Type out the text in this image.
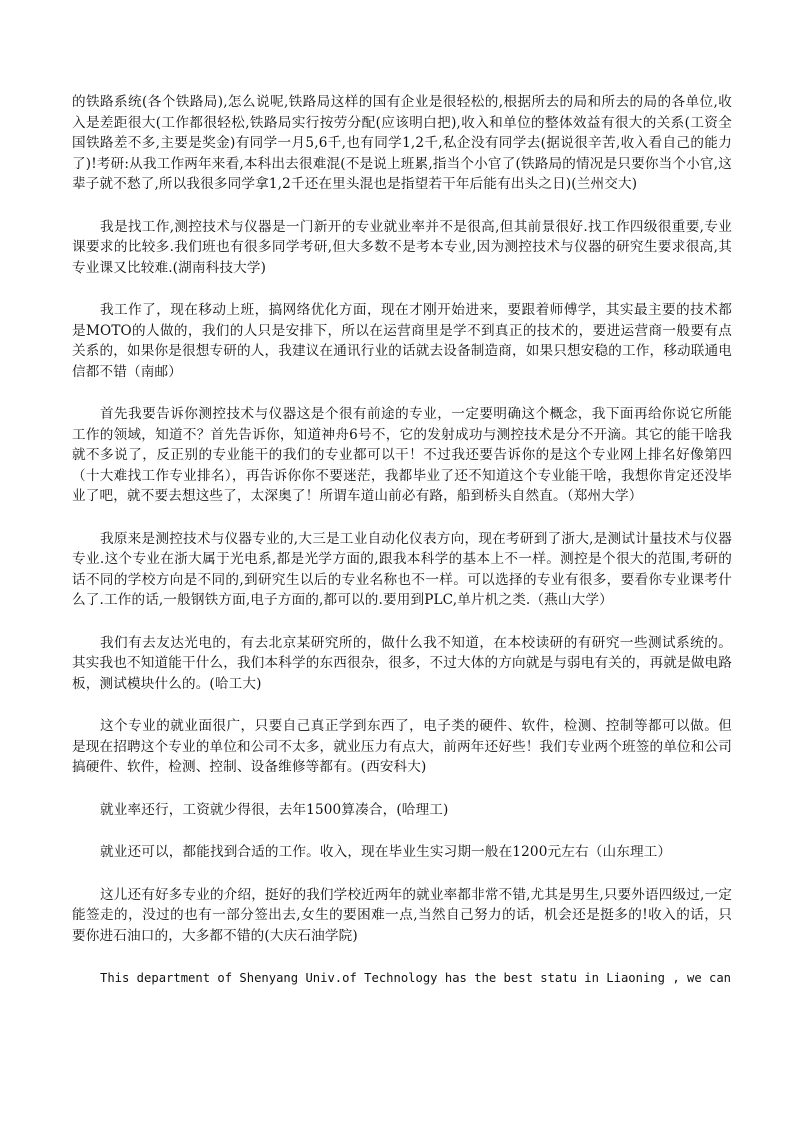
的铁路系统(各个铁路局),怎么说呢,铁路局这样的国有企业是很轻松的,根据所去的局和所去的局的各单位,收入是差距很大(工作都很轻松,铁路局实行按劳分配(应该明白把),收入和单位的整体效益有很大的关系(工资全国铁路差不多,主要是奖金)有同学一月5,6千,也有同学1,2千,私企没有同学去(据说很辛苦,收入看自己的能力了)!考研:从我工作两年来看,本科出去很难混(不是说上班累,指当个小官了(铁路局的情况是只要你当个小官,这辈子就不愁了,所以我很多同学拿1,2千还在里头混也是指望若干年后能有出头之日)(兰州交大)

我是找工作,测控技术与仪器是一门新开的专业就业率并不是很高,但其前景很好.找工作四级很重要,专业课要求的比较多.我们班也有很多同学考研,但大多数不是考本专业,因为测控技术与仪器的研究生要求很高,其专业课又比较难.(湖南科技大学)

我工作了，现在移动上班，搞网络优化方面，现在才刚开始进来，要跟着师傅学，其实最主要的技术都是MOTO的人做的，我们的人只是安排下，所以在运营商里是学不到真正的技术的，要进运营商一般要有点关系的，如果你是很想专研的人，我建议在通讯行业的话就去设备制造商，如果只想安稳的工作，移动联通电信都不错（南邮）

首先我要告诉你测控技术与仪器这是个很有前途的专业，一定要明确这个概念，我下面再给你说它所能工作的领域，知道不？首先告诉你，知道神舟6号不，它的发射成功与测控技术是分不开滴。其它的能干啥我就不多说了，反正别的专业能干的我们的专业都可以干！不过我还要告诉你的是这个专业网上排名好像第四（十大难找工作专业排名），再告诉你你不要迷茫，我都毕业了还不知道这个专业能干啥，我想你肯定还没毕业了吧，就不要去想这些了，太深奥了！所谓车道山前必有路，船到桥头自然直。（郑州大学）

我原来是测控技术与仪器专业的,大三是工业自动化仪表方向，现在考研到了浙大,是测试计量技术与仪器专业.这个专业在浙大属于光电系,都是光学方面的,跟我本科学的基本上不一样。测控是个很大的范围,考研的话不同的学校方向是不同的,到研究生以后的专业名称也不一样。可以选择的专业有很多，要看你专业课考什么了.工作的话,一般钢铁方面,电子方面的,都可以的.要用到PLC,单片机之类.（燕山大学）

我们有去友达光电的，有去北京某研究所的，做什么我不知道，在本校读研的有研究一些测试系统的。其实我也不知道能干什么，我们本科学的东西很杂，很多，不过大体的方向就是与弱电有关的，再就是做电路板，测试模块什么的。(哈工大)

这个专业的就业面很广，只要自己真正学到东西了，电子类的硬件、软件，检测、控制等都可以做。但是现在招聘这个专业的单位和公司不太多，就业压力有点大，前两年还好些！我们专业两个班签的单位和公司搞硬件、软件，检测、控制、设备维修等都有。(西安科大)

就业率还行，工资就少得很，去年1500算凑合，(哈理工)

就业还可以，都能找到合适的工作。收入，现在毕业生实习期一般在1200元左右（山东理工）

这儿还有好多专业的介绍，挺好的我们学校近两年的就业率都非常不错,尤其是男生,只要外语四级过,一定能签走的，没过的也有一部分签出去,女生的要困难一点,当然自己努力的话，机会还是挺多的!收入的话，只要你进石油口的，大多都不错的(大庆石油学院)

This department of Shenyang Univ.of Technology has the best statu in Liaoning , we can
